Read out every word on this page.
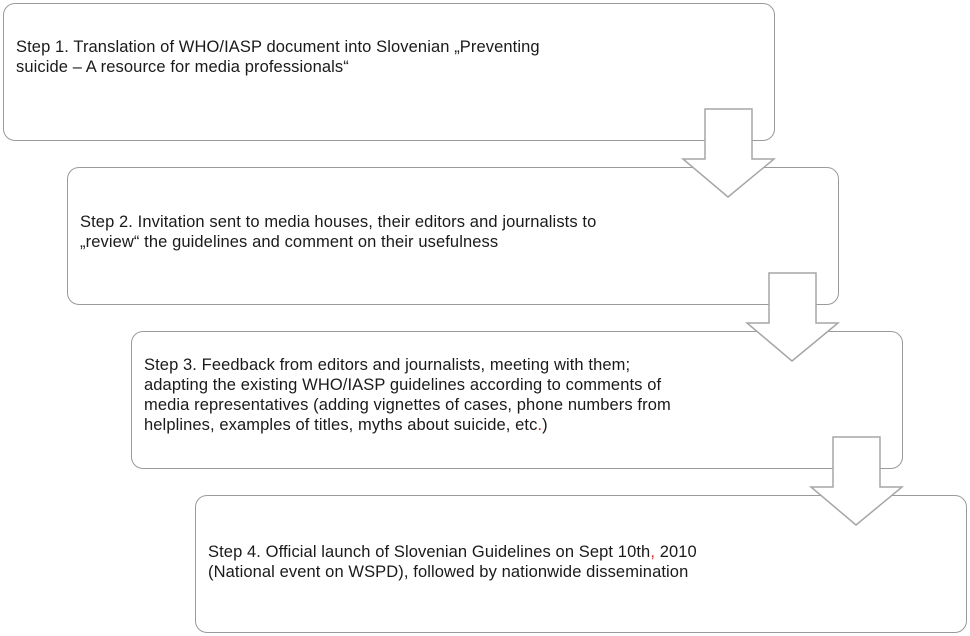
Step 1. Translation of WHO/IASP document into Slovenian „Preventing
suicide – A resource for media professionals“
Step 2. Invitation sent to media houses, their editors and journalists to
„review“ the guidelines and comment on their usefulness
Step 3. Feedback from editors and journalists, meeting with them;
adapting the existing WHO/IASP guidelines according to comments of
media representatives (adding vignettes of cases, phone numbers from
helplines, examples of titles, myths about suicide, etc.)
Step 4. Official launch of Slovenian Guidelines on Sept 10th, 2010
(National event on WSPD), followed by nationwide dissemination
